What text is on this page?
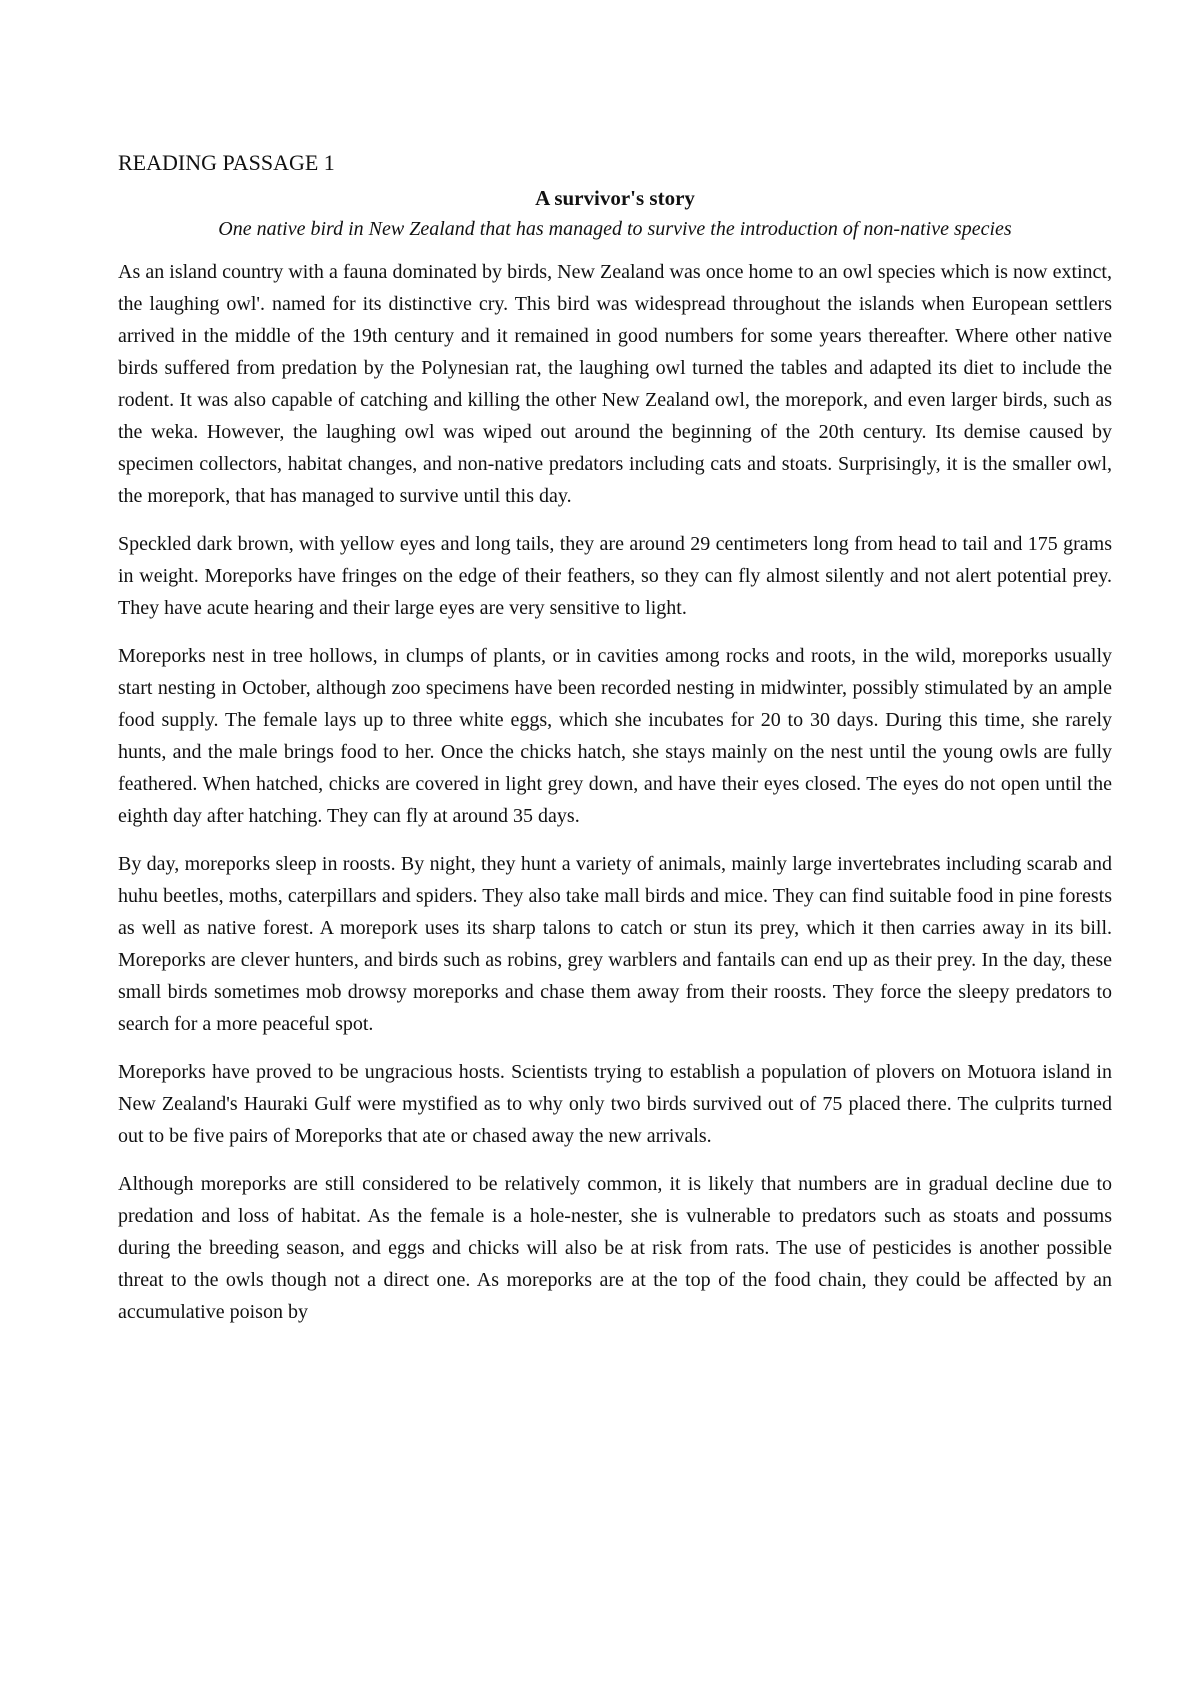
READING PASSAGE 1
A survivor's story
One native bird in New Zealand that has managed to survive the introduction of non-native species

As an island country with a fauna dominated by birds, New Zealand was once home to an owl species which is now extinct, the laughing owl'. named for its distinctive cry. This bird was widespread throughout the islands when European settlers arrived in the middle of the 19th century and it remained in good numbers for some years thereafter. Where other native birds suffered from predation by the Polynesian rat, the laughing owl turned the tables and adapted its diet to include the rodent. It was also capable of catching and killing the other New Zealand owl, the morepork, and even larger birds, such as the weka. However, the laughing owl was wiped out around the beginning of the 20th century. Its demise caused by specimen collectors, habitat changes, and non-native predators including cats and stoats. Surprisingly, it is the smaller owl, the morepork, that has managed to survive until this day.

Speckled dark brown, with yellow eyes and long tails, they are around 29 centimeters long from head to tail and 175 grams in weight. Moreporks have fringes on the edge of their feathers, so they can fly almost silently and not alert potential prey. They have acute hearing and their large eyes are very sensitive to light.

Moreporks nest in tree hollows, in clumps of plants, or in cavities among rocks and roots, in the wild, moreporks usually start nesting in October, although zoo specimens have been recorded nesting in midwinter, possibly stimulated by an ample food supply. The female lays up to three white eggs, which she incubates for 20 to 30 days. During this time, she rarely hunts, and the male brings food to her. Once the chicks hatch, she stays mainly on the nest until the young owls are fully feathered. When hatched, chicks are covered in light grey down, and have their eyes closed. The eyes do not open until the eighth day after hatching. They can fly at around 35 days.

By day, moreporks sleep in roosts. By night, they hunt a variety of animals, mainly large invertebrates including scarab and huhu beetles, moths, caterpillars and spiders. They also take mall birds and mice. They can find suitable food in pine forests as well as native forest. A morepork uses its sharp talons to catch or stun its prey, which it then carries away in its bill. Moreporks are clever hunters, and birds such as robins, grey warblers and fantails can end up as their prey. In the day, these small birds sometimes mob drowsy moreporks and chase them away from their roosts. They force the sleepy predators to search for a more peaceful spot.

Moreporks have proved to be ungracious hosts. Scientists trying to establish a population of plovers on Motuora island in New Zealand's Hauraki Gulf were mystified as to why only two birds survived out of 75 placed there. The culprits turned out to be five pairs of Moreporks that ate or chased away the new arrivals.

Although moreporks are still considered to be relatively common, it is likely that numbers are in gradual decline due to predation and loss of habitat. As the female is a hole-nester, she is vulnerable to predators such as stoats and possums during the breeding season, and eggs and chicks will also be at risk from rats. The use of pesticides is another possible threat to the owls though not a direct one. As moreporks are at the top of the food chain, they could be affected by an accumulative poison by
